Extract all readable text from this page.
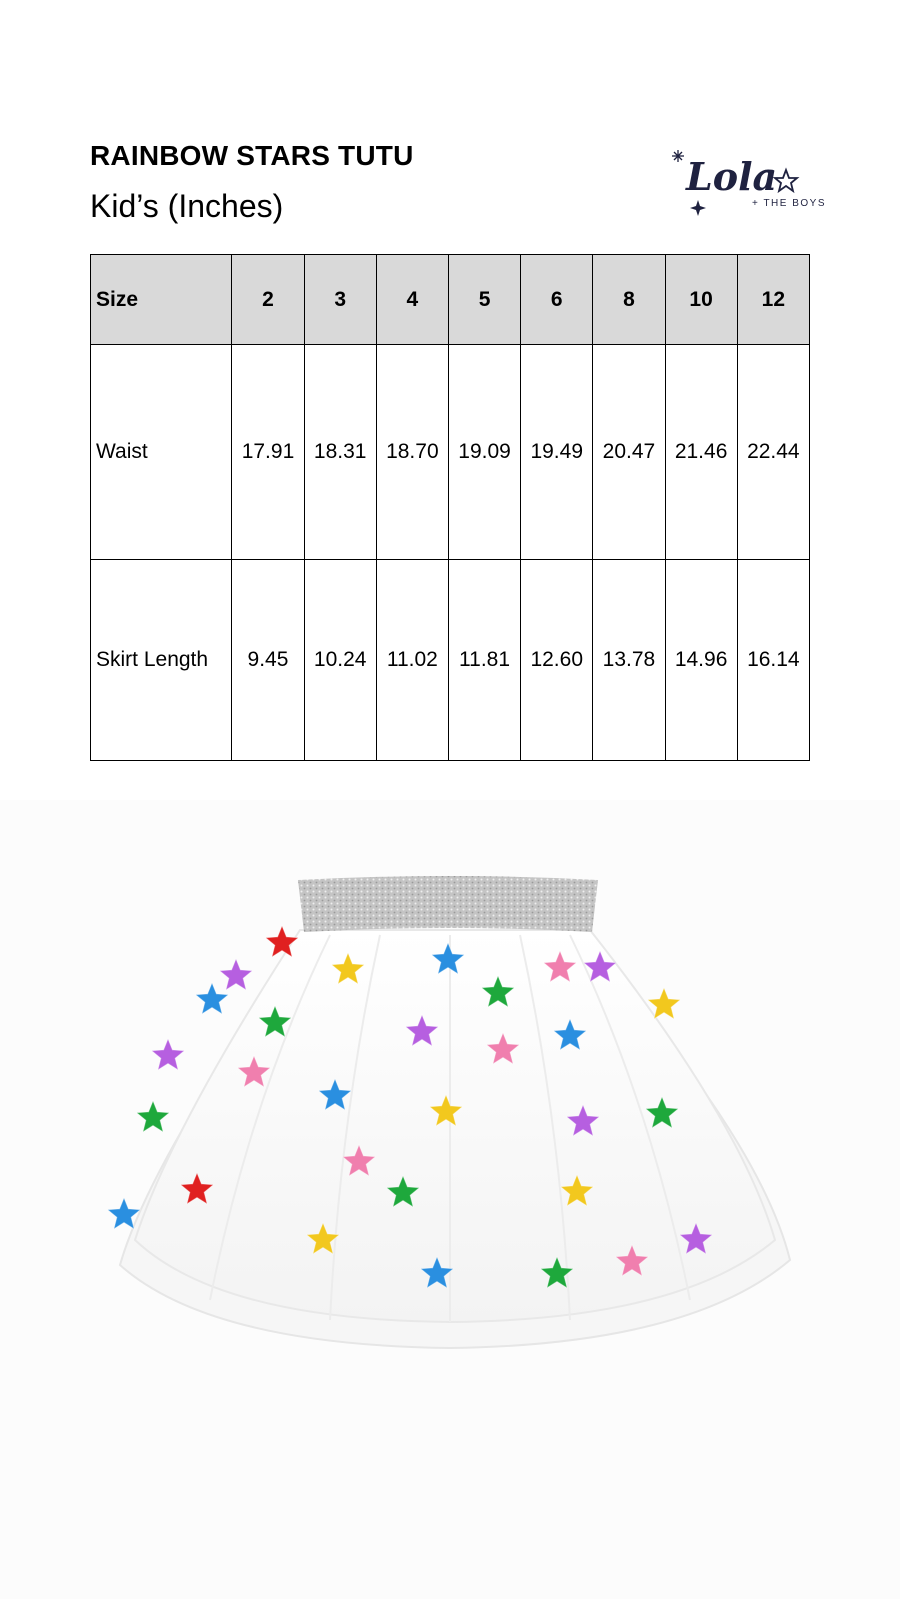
RAINBOW STARS TUTU
Kid’s (Inches)
Lola
+ THE BOYS
Size	2	3	4	5	6	8	10	12
Waist	17.91	18.31	18.70	19.09	19.49	20.47	21.46	22.44
Skirt Length	9.45	10.24	11.02	11.81	12.60	13.78	14.96	16.14
